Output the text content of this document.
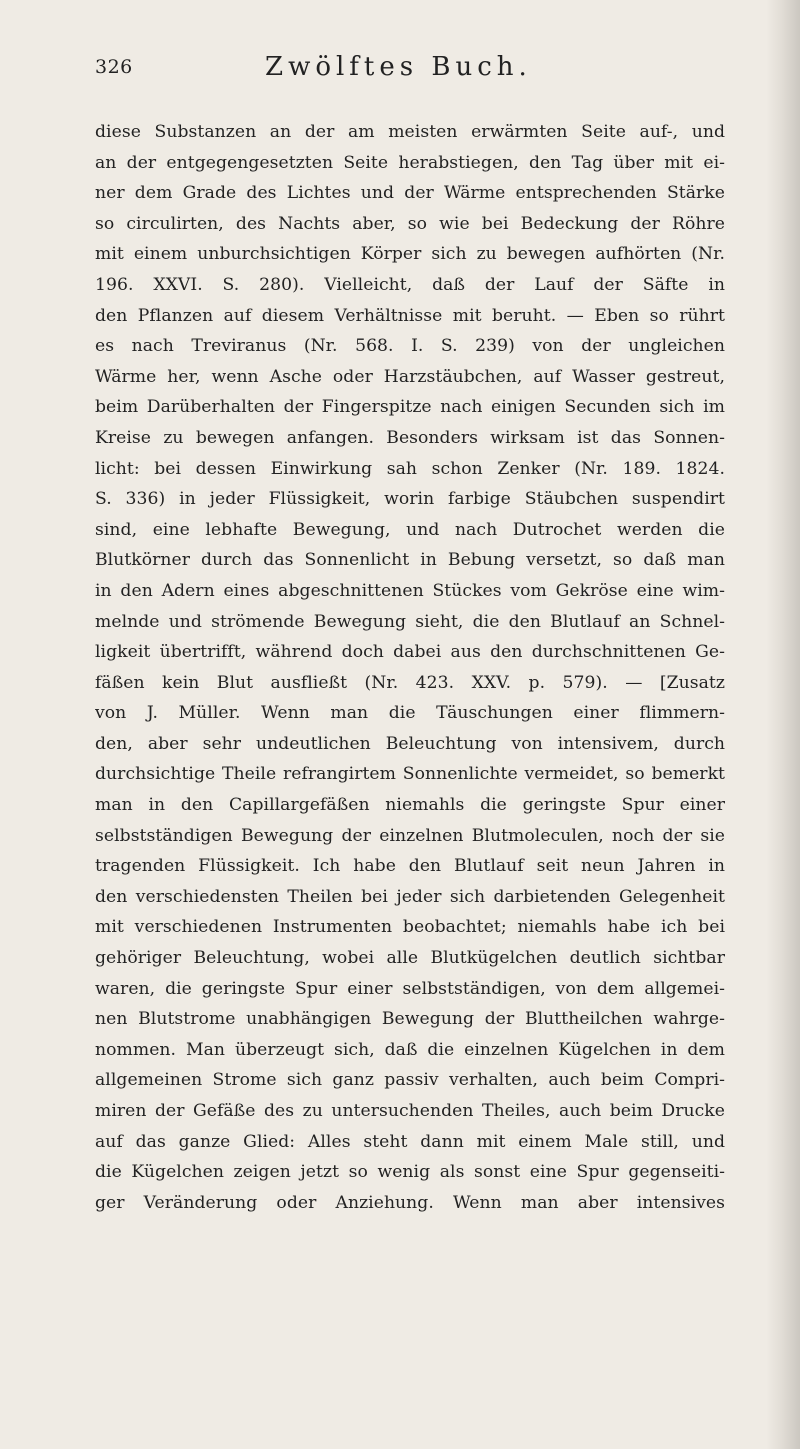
326	Zwölftes Buch.
diese Substanzen an der am meisten erwärmten Seite auf-, und
an der entgegengesetzten Seite herabstiegen, den Tag über mit ei-
ner dem Grade des Lichtes und der Wärme entsprechenden Stärke
so circulirten, des Nachts aber, so wie bei Bedeckung der Röhre
mit einem unburchsichtigen Körper sich zu bewegen aufhörten (Nr.
196. XXVI. S. 280). Vielleicht, daß der Lauf der Säfte in
den Pflanzen auf diesem Verhältnisse mit beruht. — Eben so rührt
es nach Treviranus (Nr. 568. I. S. 239) von der ungleichen
Wärme her, wenn Asche oder Harzstäubchen, auf Wasser gestreut,
beim Darüberhalten der Fingerspitze nach einigen Secunden sich im
Kreise zu bewegen anfangen. Besonders wirksam ist das Sonnen-
licht: bei dessen Einwirkung sah schon Zenker (Nr. 189. 1824.
S. 336) in jeder Flüssigkeit, worin farbige Stäubchen suspendirt
sind, eine lebhafte Bewegung, und nach Dutrochet werden die
Blutkörner durch das Sonnenlicht in Bebung versetzt, so daß man
in den Adern eines abgeschnittenen Stückes vom Gekröse eine wim-
melnde und strömende Bewegung sieht, die den Blutlauf an Schnel-
ligkeit übertrifft, während doch dabei aus den durchschnittenen Ge-
fäßen kein Blut ausfließt (Nr. 423. XXV. p. 579). — [Zusatz
von J. Müller. Wenn man die Täuschungen einer flimmern-
den, aber sehr undeutlichen Beleuchtung von intensivem, durch
durchsichtige Theile refrangirtem Sonnenlichte vermeidet, so bemerkt
man in den Capillargefäßen niemahls die geringste Spur einer
selbstständigen Bewegung der einzelnen Blutmoleculen, noch der sie
tragenden Flüssigkeit. Ich habe den Blutlauf seit neun Jahren in
den verschiedensten Theilen bei jeder sich darbietenden Gelegenheit
mit verschiedenen Instrumenten beobachtet; niemahls habe ich bei
gehöriger Beleuchtung, wobei alle Blutkügelchen deutlich sichtbar
waren, die geringste Spur einer selbstständigen, von dem allgemei-
nen Blutstrome unabhängigen Bewegung der Bluttheilchen wahrge-
nommen. Man überzeugt sich, daß die einzelnen Kügelchen in dem
allgemeinen Strome sich ganz passiv verhalten, auch beim Compri-
miren der Gefäße des zu untersuchenden Theiles, auch beim Drucke
auf das ganze Glied: Alles steht dann mit einem Male still, und
die Kügelchen zeigen jetzt so wenig als sonst eine Spur gegenseiti-
ger Veränderung oder Anziehung. Wenn man aber intensives
